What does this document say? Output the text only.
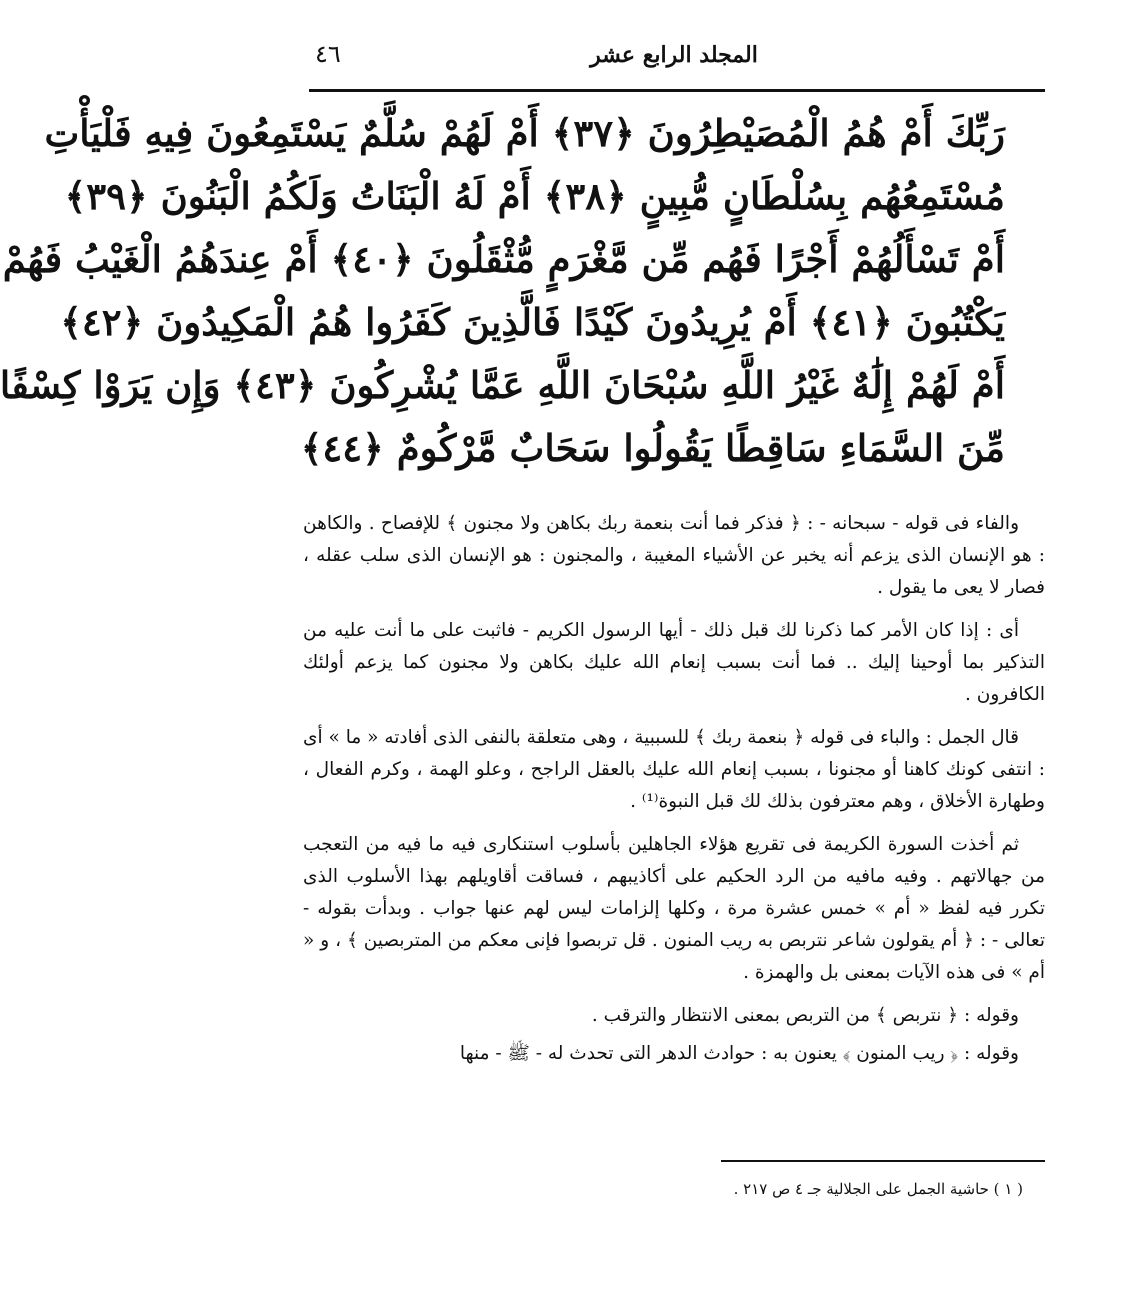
٤٦	المجلد الرابع عشر
رَبِّكَ أَمْ هُمُ الْمُصَيْطِرُونَ ﴿٣٧﴾ أَمْ لَهُمْ سُلَّمٌ يَسْتَمِعُونَ فِيهِ فَلْيَأْتِ
مُسْتَمِعُهُم بِسُلْطَانٍ مُّبِينٍ ﴿٣٨﴾ أَمْ لَهُ الْبَنَاتُ وَلَكُمُ الْبَنُونَ ﴿٣٩﴾
أَمْ تَسْأَلُهُمْ أَجْرًا فَهُم مِّن مَّغْرَمٍ مُّثْقَلُونَ ﴿٤٠﴾ أَمْ عِندَهُمُ الْغَيْبُ فَهُمْ
يَكْتُبُونَ ﴿٤١﴾ أَمْ يُرِيدُونَ كَيْدًا فَالَّذِينَ كَفَرُوا هُمُ الْمَكِيدُونَ ﴿٤٢﴾
أَمْ لَهُمْ إِلَٰهٌ غَيْرُ اللَّهِ سُبْحَانَ اللَّهِ عَمَّا يُشْرِكُونَ ﴿٤٣﴾ وَإِن يَرَوْا كِسْفًا
مِّنَ السَّمَاءِ سَاقِطًا يَقُولُوا سَحَابٌ مَّرْكُومٌ ﴿٤٤﴾

والفاء فى قوله - سبحانه - : ﴿ فذكر فما أنت بنعمة ربك بكاهن ولا مجنون ﴾ للإفصاح . والكاهن : هو الإنسان الذى يزعم أنه يخبر عن الأشياء المغيبة ، والمجنون : هو الإنسان الذى سلب عقله ، فصار لا يعى ما يقول .

أى : إذا كان الأمر كما ذكرنا لك قبل ذلك - أيها الرسول الكريم - فاثبت على ما أنت عليه من التذكير بما أوحينا إليك .. فما أنت بسبب إنعام الله عليك بكاهن ولا مجنون كما يزعم أولئك الكافرون .

قال الجمل : والباء فى قوله ﴿ بنعمة ربك ﴾ للسببية ، وهى متعلقة بالنفى الذى أفادته « ما » أى : انتفى كونك كاهنا أو مجنونا ، بسبب إنعام الله عليك بالعقل الراجح ، وعلو الهمة ، وكرم الفعال ، وطهارة الأخلاق ، وهم معترفون بذلك لك قبل النبوة⁽¹⁾ .

ثم أخذت السورة الكريمة فى تقريع هؤلاء الجاهلين بأسلوب استنكارى فيه ما فيه من التعجب من جهالاتهم . وفيه مافيه من الرد الحكيم على أكاذيبهم ، فساقت أقاويلهم بهذا الأسلوب الذى تكرر فيه لفظ « أم » خمس عشرة مرة ، وكلها إلزامات ليس لهم عنها جواب . وبدأت بقوله - تعالى - : ﴿ أم يقولون شاعر نتربص به ريب المنون . قل تربصوا فإنى معكم من المتربصين ﴾ ، و « أم » فى هذه الآيات بمعنى بل والهمزة .

وقوله : ﴿ نتربص ﴾ من التربص بمعنى الانتظار والترقب .

وقوله : ﴿ ريب المنون ﴾ يعنون به : حوادث الدهر التى تحدث له - ﷺ - منها

( ١ ) حاشية الجمل على الجلالية جـ ٤ ص ٢١٧ .
